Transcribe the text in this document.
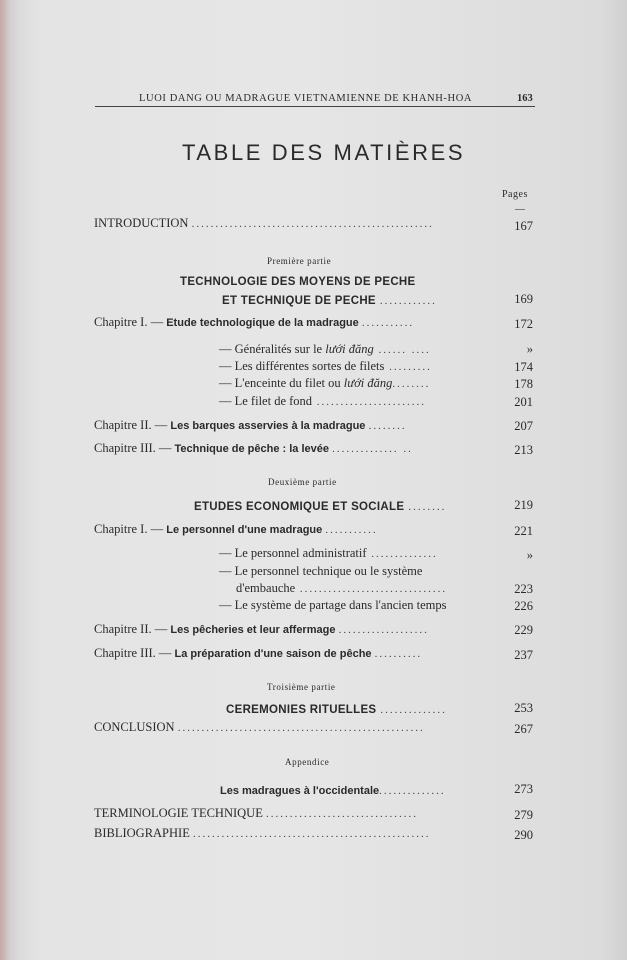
LUOI DANG OU MADRAGUE VIETNAMIENNE DE KHANH-HOA	163
TABLE DES MATIÈRES
Pages
—
INTRODUCTION ...................................................	167
Première partie
TECHNOLOGIE DES MOYENS DE PECHE
ET TECHNIQUE DE PECHE ............	169
Chapitre I. — Etude technologique de la madrague ...........	172
— Généralités sur le lưới đăng ...... ....	»
— Les différentes sortes de filets .........	174
— L'enceinte du filet ou lưới đăng........	178
— Le filet de fond .......................	201
Chapitre II. — Les barques asservies à la madrague ........	207
Chapitre III. — Technique de pêche : la levée .............. ..	213
Deuxième partie
ETUDES ECONOMIQUE ET SOCIALE ........	219
Chapitre I. — Le personnel d'une madrague ...........	221
— Le personnel administratif ..............	»
— Le personnel technique ou le système
d'embauche ...............................	223
— Le système de partage dans l'ancien temps	226
Chapitre II. — Les pêcheries et leur affermage ...................	229
Chapitre III. — La préparation d'une saison de pêche ..........	237
Troisième partie
CEREMONIES RITUELLES ..............	253
CONCLUSION ....................................................	267
Appendice
Les madragues à l'occidentale..............	273
TERMINOLOGIE TECHNIQUE ................................	279
BIBLIOGRAPHIE ..................................................	290
